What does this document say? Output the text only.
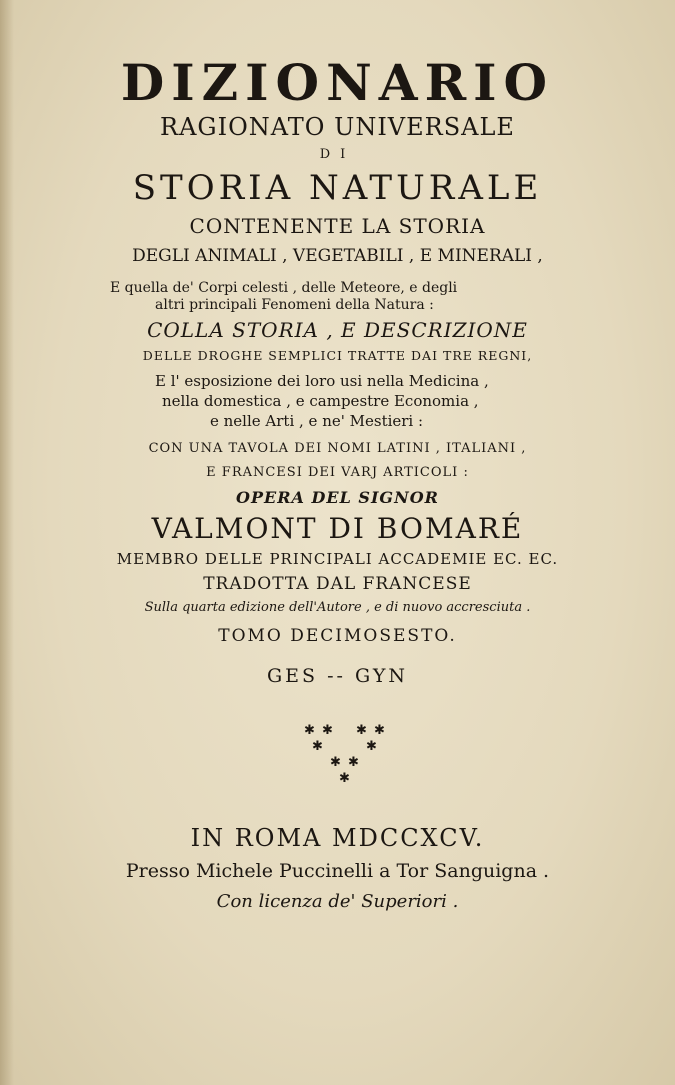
DIZIONARIO
RAGIONATO UNIVERSALE
DI
STORIA NATURALE
CONTENENTE LA STORIA
DEGLI ANIMALI , VEGETABILI , E MINERALI ,
E quella de' Corpi celesti , delle Meteore, e degli
altri principali Fenomeni della Natura :
COLLA STORIA , E DESCRIZIONE
DELLE DROGHE SEMPLICI TRATTE DAI TRE REGNI,
E l' esposizione dei loro usi nella Medicina ,
nella domestica , e campestre Economia ,
e nelle Arti , e ne' Mestieri :
CON UNA TAVOLA DEI NOMI LATINI , ITALIANI ,
E FRANCESI DEI VARJ ARTICOLI :
OPERA DEL SIGNOR
VALMONT DI BOMARÉ
MEMBRO DELLE PRINCIPALI ACCADEMIE EC. EC.
TRADOTTA DAL FRANCESE
Sulla quarta edizione dell'Autore , e di nuovo accresciuta .
TOMO DECIMOSESTO.
GES -- GYN
✱ ✱ ✱ ✱
✱	✱
✱ ✱
✱
IN ROMA MDCCXCV.
Presso Michele Puccinelli a Tor Sanguigna .
Con licenza de' Superiori .
